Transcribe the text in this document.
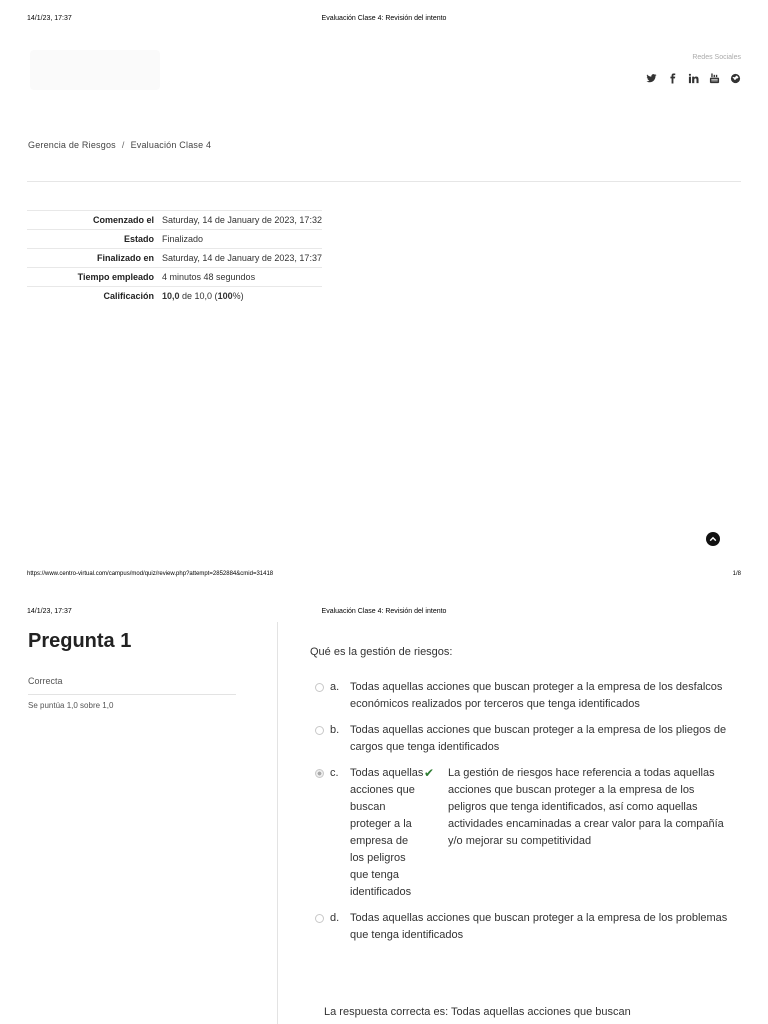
14/1/23, 17:37	Evaluación Clase 4: Revisión del intento
Redes Sociales
Gerencia de Riesgos / Evaluación Clase 4
Comenzado el	Saturday, 14 de January de 2023, 17:32
Estado	Finalizado
Finalizado en	Saturday, 14 de January de 2023, 17:37
Tiempo empleado	4 minutos 48 segundos
Calificación	10,0 de 10,0 (100%)
https://www.centro-virtual.com/campus/mod/quiz/review.php?attempt=2852884&cmid=31418	1/8
14/1/23, 17:37	Evaluación Clase 4: Revisión del intento
Pregunta 1
Correcta
Se puntúa 1,0 sobre 1,0
Qué es la gestión de riesgos:
a. Todas aquellas acciones que buscan proteger a la empresa de los desfalcos económicos realizados por terceros que tenga identificados
b. Todas aquellas acciones que buscan proteger a la empresa de los pliegos de cargos que tenga identificados
c.	Todas aquellas acciones que buscan proteger a la empresa de los peligros que tenga identificados
✔	La gestión de riesgos hace referencia a todas aquellas acciones que buscan proteger a la empresa de los peligros que tenga identificados, así como aquellas actividades encaminadas a crear valor para la compañía y/o mejorar su competitividad
d. Todas aquellas acciones que buscan proteger a la empresa de los problemas que tenga identificados
La respuesta correcta es: Todas aquellas acciones que buscan
